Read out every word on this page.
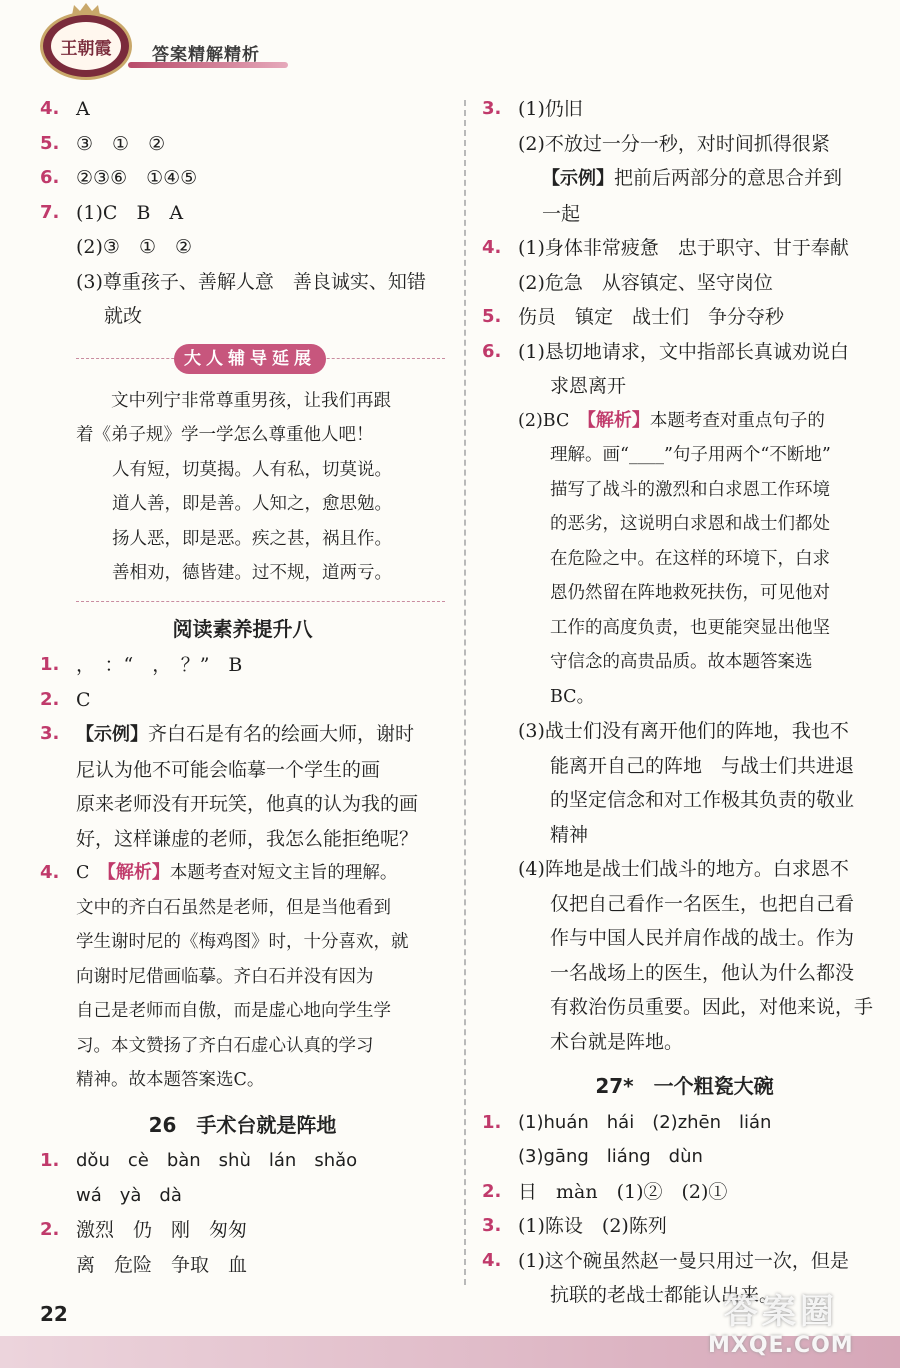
王朝霞	答案精解精析
4. A
5. ③　①　②
6. ②③⑥　①④⑤
7. (1)C　B　A
(2)③　①　②
(3)尊重孩子、善解人意　善良诚实、知错
就改
大人辅导延展
　　文中列宁非常尊重男孩，让我们再跟
着《弟子规》学一学怎么尊重他人吧！
人有短，切莫揭。人有私，切莫说。
道人善，即是善。人知之，愈思勉。
扬人恶，即是恶。疾之甚，祸且作。
善相劝，德皆建。过不规，道两亏。
阅读素养提升八
1. ，　：“　，　？”　B
2. C
3. 【示例】齐白石是有名的绘画大师，谢时
尼认为他不可能会临摹一个学生的画
原来老师没有开玩笑，他真的认为我的画
好，这样谦虚的老师，我怎么能拒绝呢？
4. C　 【解析】本题考查对短文主旨的理解。
文中的齐白石虽然是老师，但是当他看到
学生谢时尼的《梅鸡图》时，十分喜欢，就
向谢时尼借画临摹。齐白石并没有因为
自己是老师而自傲，而是虚心地向学生学
习。本文赞扬了齐白石虚心认真的学习
精神。故本题答案选C。
26　手术台就是阵地
1. dǒu　cè　bàn　shù　lán　shǎo
wá　yà　dà
2. 激烈　仍　刚　匆匆
离　危险　争取　血
3. (1)仍旧
(2)不放过一分一秒，对时间抓得很紧
【示例】把前后两部分的意思合并到
一起
4. (1)身体非常疲惫　忠于职守、甘于奉献
(2)危急　从容镇定、坚守岗位
5. 伤员　镇定　战士们　争分夺秒
6. (1)恳切地请求，文中指部长真诚劝说白
求恩离开
(2)BC　 【解析】本题考查对重点句子的
理解。画“____”句子用两个“不断地”
描写了战斗的激烈和白求恩工作环境
的恶劣，这说明白求恩和战士们都处
在危险之中。在这样的环境下，白求
恩仍然留在阵地救死扶伤，可见他对
工作的高度负责，也更能突显出他坚
守信念的高贵品质。故本题答案选
BC。
(3)战士们没有离开他们的阵地，我也不
能离开自己的阵地　与战士们共进退
的坚定信念和对工作极其负责的敬业
精神
(4)阵地是战士们战斗的地方。白求恩不
仅把自己看作一名医生，也把自己看
作与中国人民并肩作战的战士。作为
一名战场上的医生，他认为什么都没
有救治伤员重要。因此，对他来说，手
术台就是阵地。
27*　一个粗瓷大碗
1. (1)huán　hái　(2)zhēn　lián
(3)gāng　liáng　dùn
2. 日　màn　(1)②　(2)①
3. (1)陈设　(2)陈列
4. (1)这个碗虽然赵一曼只用过一次，但是
抗联的老战士都能认出来。
22	答案圈
MXQE.COM
